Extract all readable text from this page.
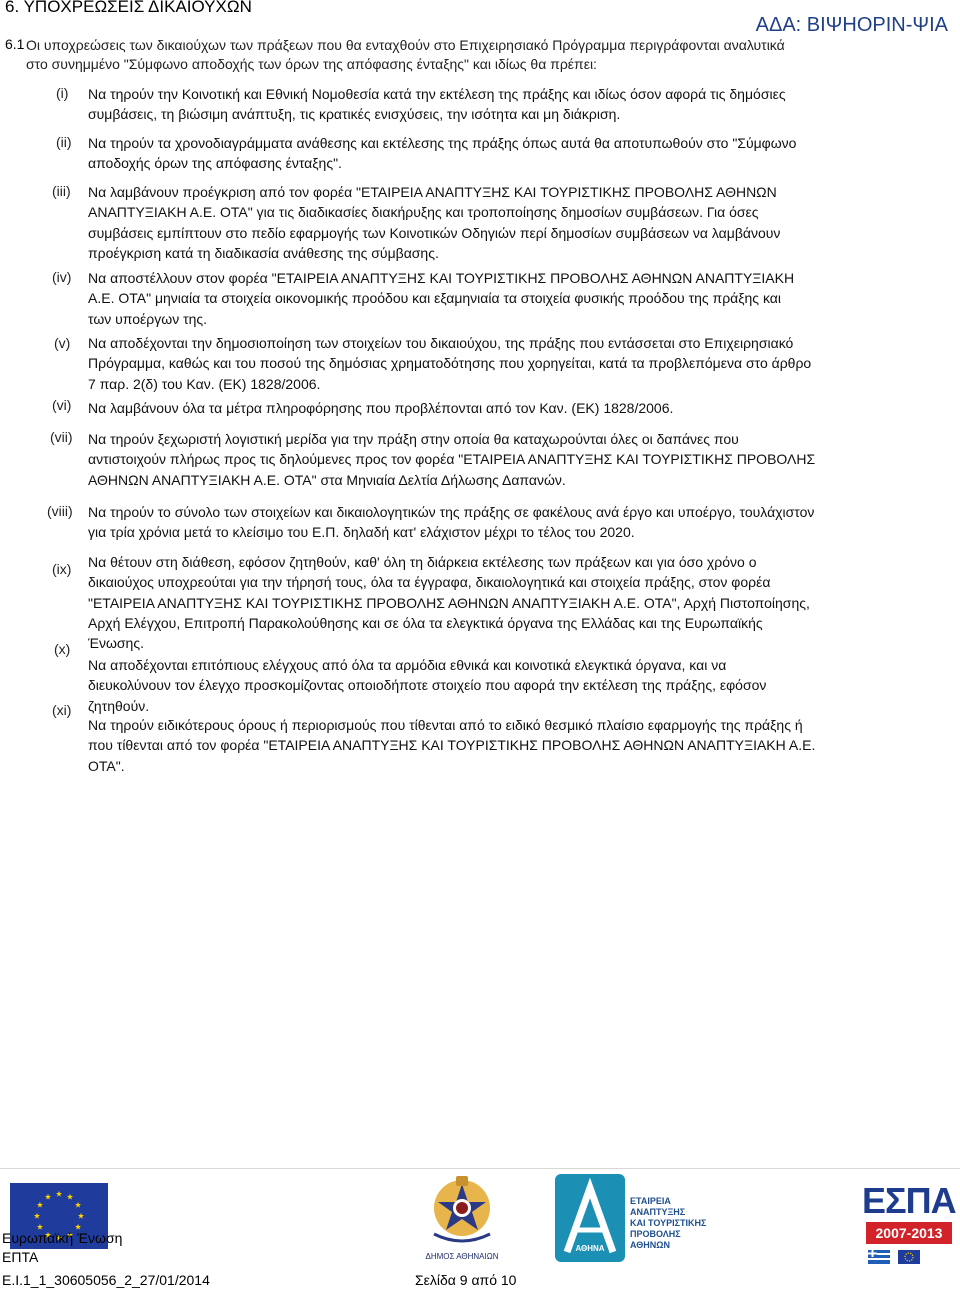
6. ΥΠΟΧΡΕΩΣΕΙΣ ΔΙΚΑΙΟΥΧΩΝ
ΑΔΑ: ΒΙΨΗΟΡΙΝ-ΨΙΑ
6.1 Οι υποχρεώσεις των δικαιούχων των πράξεων που θα ενταχθούν στο Επιχειρησιακό Πρόγραμμα περιγράφονται αναλυτικά
στο συνημμένο "Σύμφωνο αποδοχής των όρων της απόφασης ένταξης" και ιδίως θα πρέπει:
(i) Να τηρούν την Κοινοτική και Εθνική Νομοθεσία κατά την εκτέλεση της πράξης και ιδίως όσον αφορά τις δημόσιες
συμβάσεις, τη βιώσιμη ανάπτυξη, τις κρατικές ενισχύσεις, την ισότητα και μη διάκριση.
(ii) Να τηρούν τα χρονοδιαγράμματα ανάθεσης και εκτέλεσης της πράξης όπως αυτά θα αποτυπωθούν στο "Σύμφωνο
αποδοχής όρων της απόφασης ένταξης".
(iii) Να λαμβάνουν προέγκριση από τον φορέα "ΕΤΑΙΡΕΙΑ ΑΝΑΠΤΥΞΗΣ ΚΑΙ ΤΟΥΡΙΣΤΙΚΗΣ ΠΡΟΒΟΛΗΣ ΑΘΗΝΩΝ
ΑΝΑΠΤΥΞΙΑΚΗ Α.Ε. ΟΤΑ" για τις διαδικασίες διακήρυξης και τροποποίησης δημοσίων συμβάσεων. Για όσες
συμβάσεις εμπίπτουν στο πεδίο εφαρμογής των Κοινοτικών Οδηγιών περί δημοσίων συμβάσεων να λαμβάνουν
προέγκριση κατά τη διαδικασία ανάθεσης της σύμβασης.
(iv) Να αποστέλλουν στον φορέα "ΕΤΑΙΡΕΙΑ ΑΝΑΠΤΥΞΗΣ ΚΑΙ ΤΟΥΡΙΣΤΙΚΗΣ ΠΡΟΒΟΛΗΣ ΑΘΗΝΩΝ ΑΝΑΠΤΥΞΙΑΚΗ
Α.Ε. ΟΤΑ" μηνιαία τα στοιχεία οικονομικής προόδου και εξαμηνιαία τα στοιχεία φυσικής προόδου της πράξης και
των υποέργων της.
(v) Να αποδέχονται την δημοσιοποίηση των στοιχείων του δικαιούχου, της πράξης που εντάσσεται στο Επιχειρησιακό
Πρόγραμμα, καθώς και του ποσού της δημόσιας χρηματοδότησης που χορηγείται, κατά τα προβλεπόμενα στο άρθρο
7 παρ. 2(δ) του Καν. (ΕΚ) 1828/2006.
(vi) Να λαμβάνουν όλα τα μέτρα πληροφόρησης που προβλέπονται από τον Καν. (ΕΚ) 1828/2006.
(vii) Να τηρούν ξεχωριστή λογιστική μερίδα για την πράξη στην οποία θα καταχωρούνται όλες οι δαπάνες που
αντιστοιχούν πλήρως προς τις δηλούμενες προς τον φορέα "ΕΤΑΙΡΕΙΑ ΑΝΑΠΤΥΞΗΣ ΚΑΙ ΤΟΥΡΙΣΤΙΚΗΣ ΠΡΟΒΟΛΗΣ
ΑΘΗΝΩΝ ΑΝΑΠΤΥΞΙΑΚΗ Α.Ε. ΟΤΑ" στα Μηνιαία Δελτία Δήλωσης Δαπανών.
(viii) Να τηρούν το σύνολο των στοιχείων και δικαιολογητικών της πράξης σε φακέλους ανά έργο και υποέργο, τουλάχιστον
για τρία χρόνια μετά το κλείσιμο του Ε.Π. δηλαδή κατ' ελάχιστον μέχρι το τέλος του 2020.
(ix) Να θέτουν στη διάθεση, εφόσον ζητηθούν, καθ' όλη τη διάρκεια εκτέλεσης των πράξεων και για όσο χρόνο ο
δικαιούχος υποχρεούται για την τήρησή τους, όλα τα έγγραφα, δικαιολογητικά και στοιχεία πράξης, στον φορέα
"ΕΤΑΙΡΕΙΑ ΑΝΑΠΤΥΞΗΣ ΚΑΙ ΤΟΥΡΙΣΤΙΚΗΣ ΠΡΟΒΟΛΗΣ ΑΘΗΝΩΝ ΑΝΑΠΤΥΞΙΑΚΗ Α.Ε. ΟΤΑ", Αρχή Πιστοποίησης,
Αρχή Ελέγχου, Επιτροπή Παρακολούθησης και σε όλα τα ελεγκτικά όργανα της Ελλάδας και της Ευρωπαϊκής
Ένωσης.
(x)
Να αποδέχονται επιτόπιους ελέγχους από όλα τα αρμόδια εθνικά και κοινοτικά ελεγκτικά όργανα, και να
διευκολύνουν τον έλεγχο προσκομίζοντας οποιοδήποτε στοιχείο που αφορά την εκτέλεση της πράξης, εφόσον
ζητηθούν.
(xi)
Να τηρούν ειδικότερους όρους ή περιορισμούς που τίθενται από το ειδικό θεσμικό πλαίσιο εφαρμογής της πράξης ή
που τίθενται από τον φορέα "ΕΤΑΙΡΕΙΑ ΑΝΑΠΤΥΞΗΣ ΚΑΙ ΤΟΥΡΙΣΤΙΚΗΣ ΠΡΟΒΟΛΗΣ ΑΘΗΝΩΝ ΑΝΑΠΤΥΞΙΑΚΗ Α.Ε.
ΟΤΑ".
Ευρωπαϊκή Ένωση
ΕΠΤΑ
Ε.Ι.1_1_30605056_2_27/01/2014	Σελίδα 9 από 10
ΔΗΜΟΣ ΑΘΗΝΑΙΩΝ
ΑΘΗΝΑ
ΕΤΑΙΡΕΙΑ
ΑΝΑΠΤΥΞΗΣ
ΚΑΙ ΤΟΥΡΙΣΤΙΚΗΣ
ΠΡΟΒΟΛΗΣ
ΑΘΗΝΩΝ
ΕΣΠΑ
2007-2013
